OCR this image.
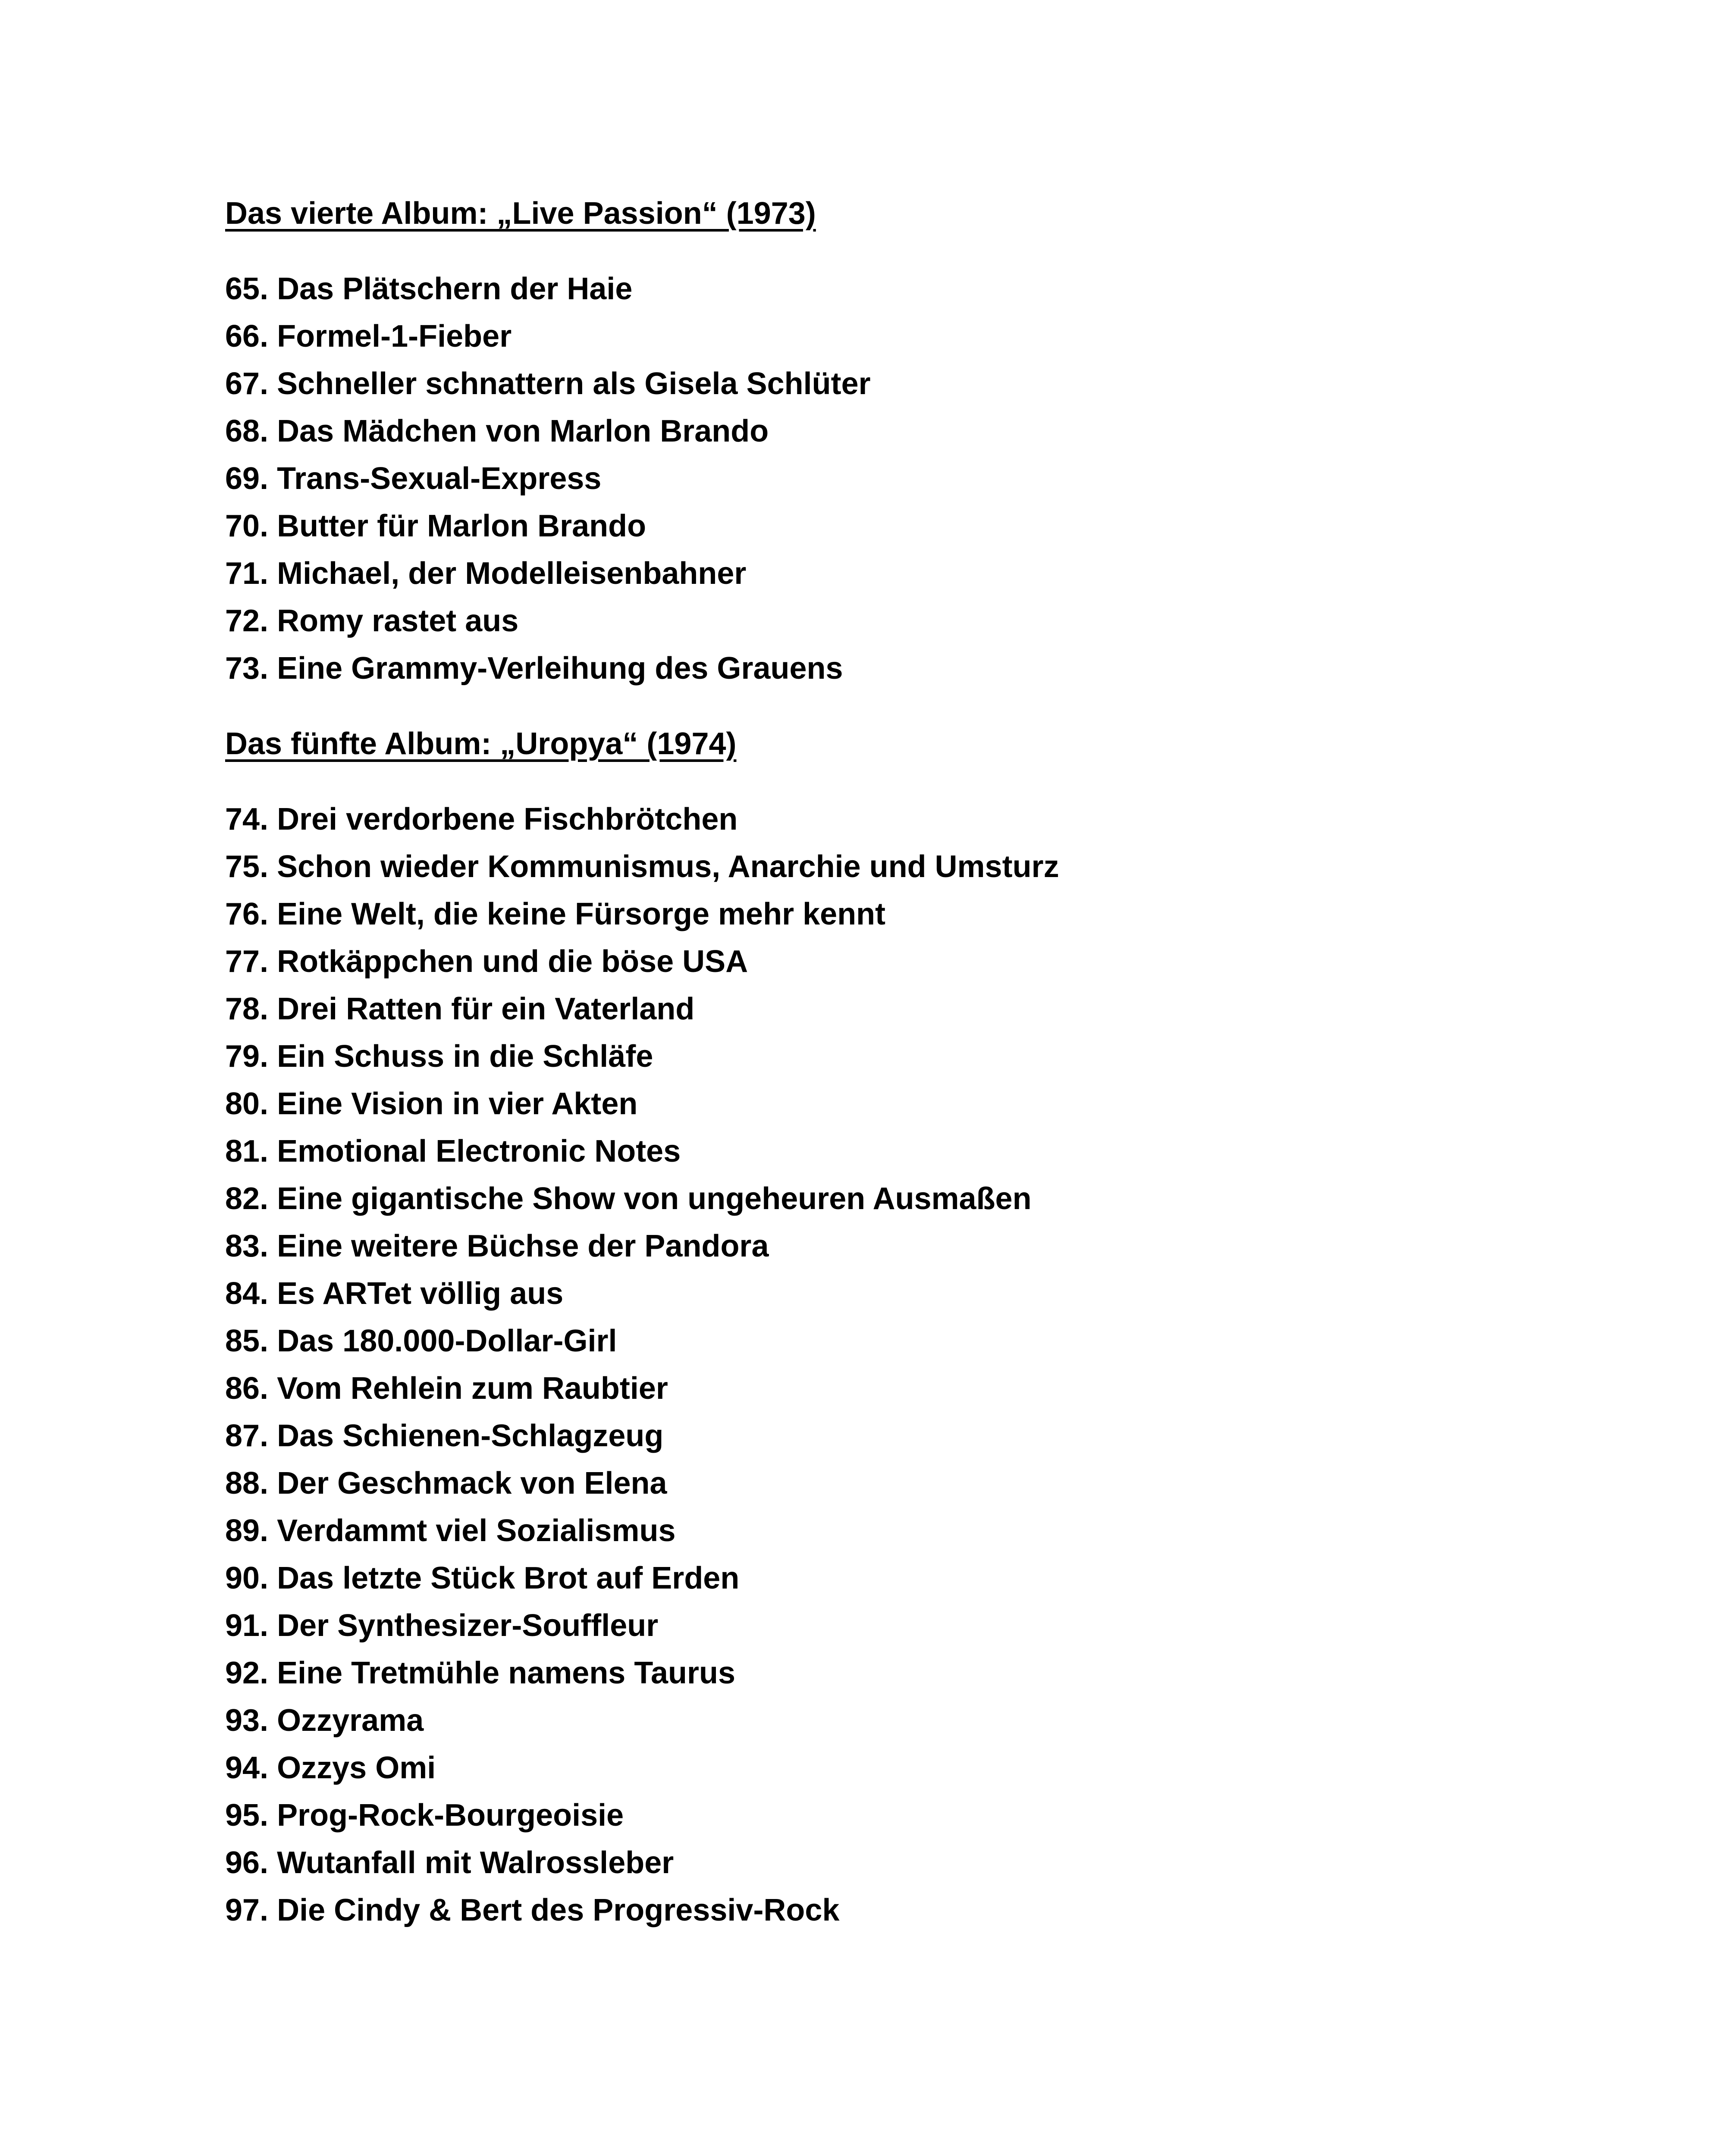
Das vierte Album: „Live Passion“ (1973)
65. Das Plätschern der Haie
66. Formel-1-Fieber
67. Schneller schnattern als Gisela Schlüter
68. Das Mädchen von Marlon Brando
69. Trans-Sexual-Express
70. Butter für Marlon Brando
71. Michael, der Modelleisenbahner
72. Romy rastet aus
73. Eine Grammy-Verleihung des Grauens
Das fünfte Album: „Uropya“ (1974)
74. Drei verdorbene Fischbrötchen
75. Schon wieder Kommunismus, Anarchie und Umsturz
76. Eine Welt, die keine Fürsorge mehr kennt
77. Rotkäppchen und die böse USA
78. Drei Ratten für ein Vaterland
79. Ein Schuss in die Schläfe
80. Eine Vision in vier Akten
81. Emotional Electronic Notes
82. Eine gigantische Show von ungeheuren Ausmaßen
83. Eine weitere Büchse der Pandora
84. Es ARTet völlig aus
85. Das 180.000-Dollar-Girl
86. Vom Rehlein zum Raubtier
87. Das Schienen-Schlagzeug
88. Der Geschmack von Elena
89. Verdammt viel Sozialismus
90. Das letzte Stück Brot auf Erden
91. Der Synthesizer-Souffleur
92. Eine Tretmühle namens Taurus
93. Ozzyrama
94. Ozzys Omi
95. Prog-Rock-Bourgeoisie
96. Wutanfall mit Walrossleber
97. Die Cindy & Bert des Progressiv-Rock
